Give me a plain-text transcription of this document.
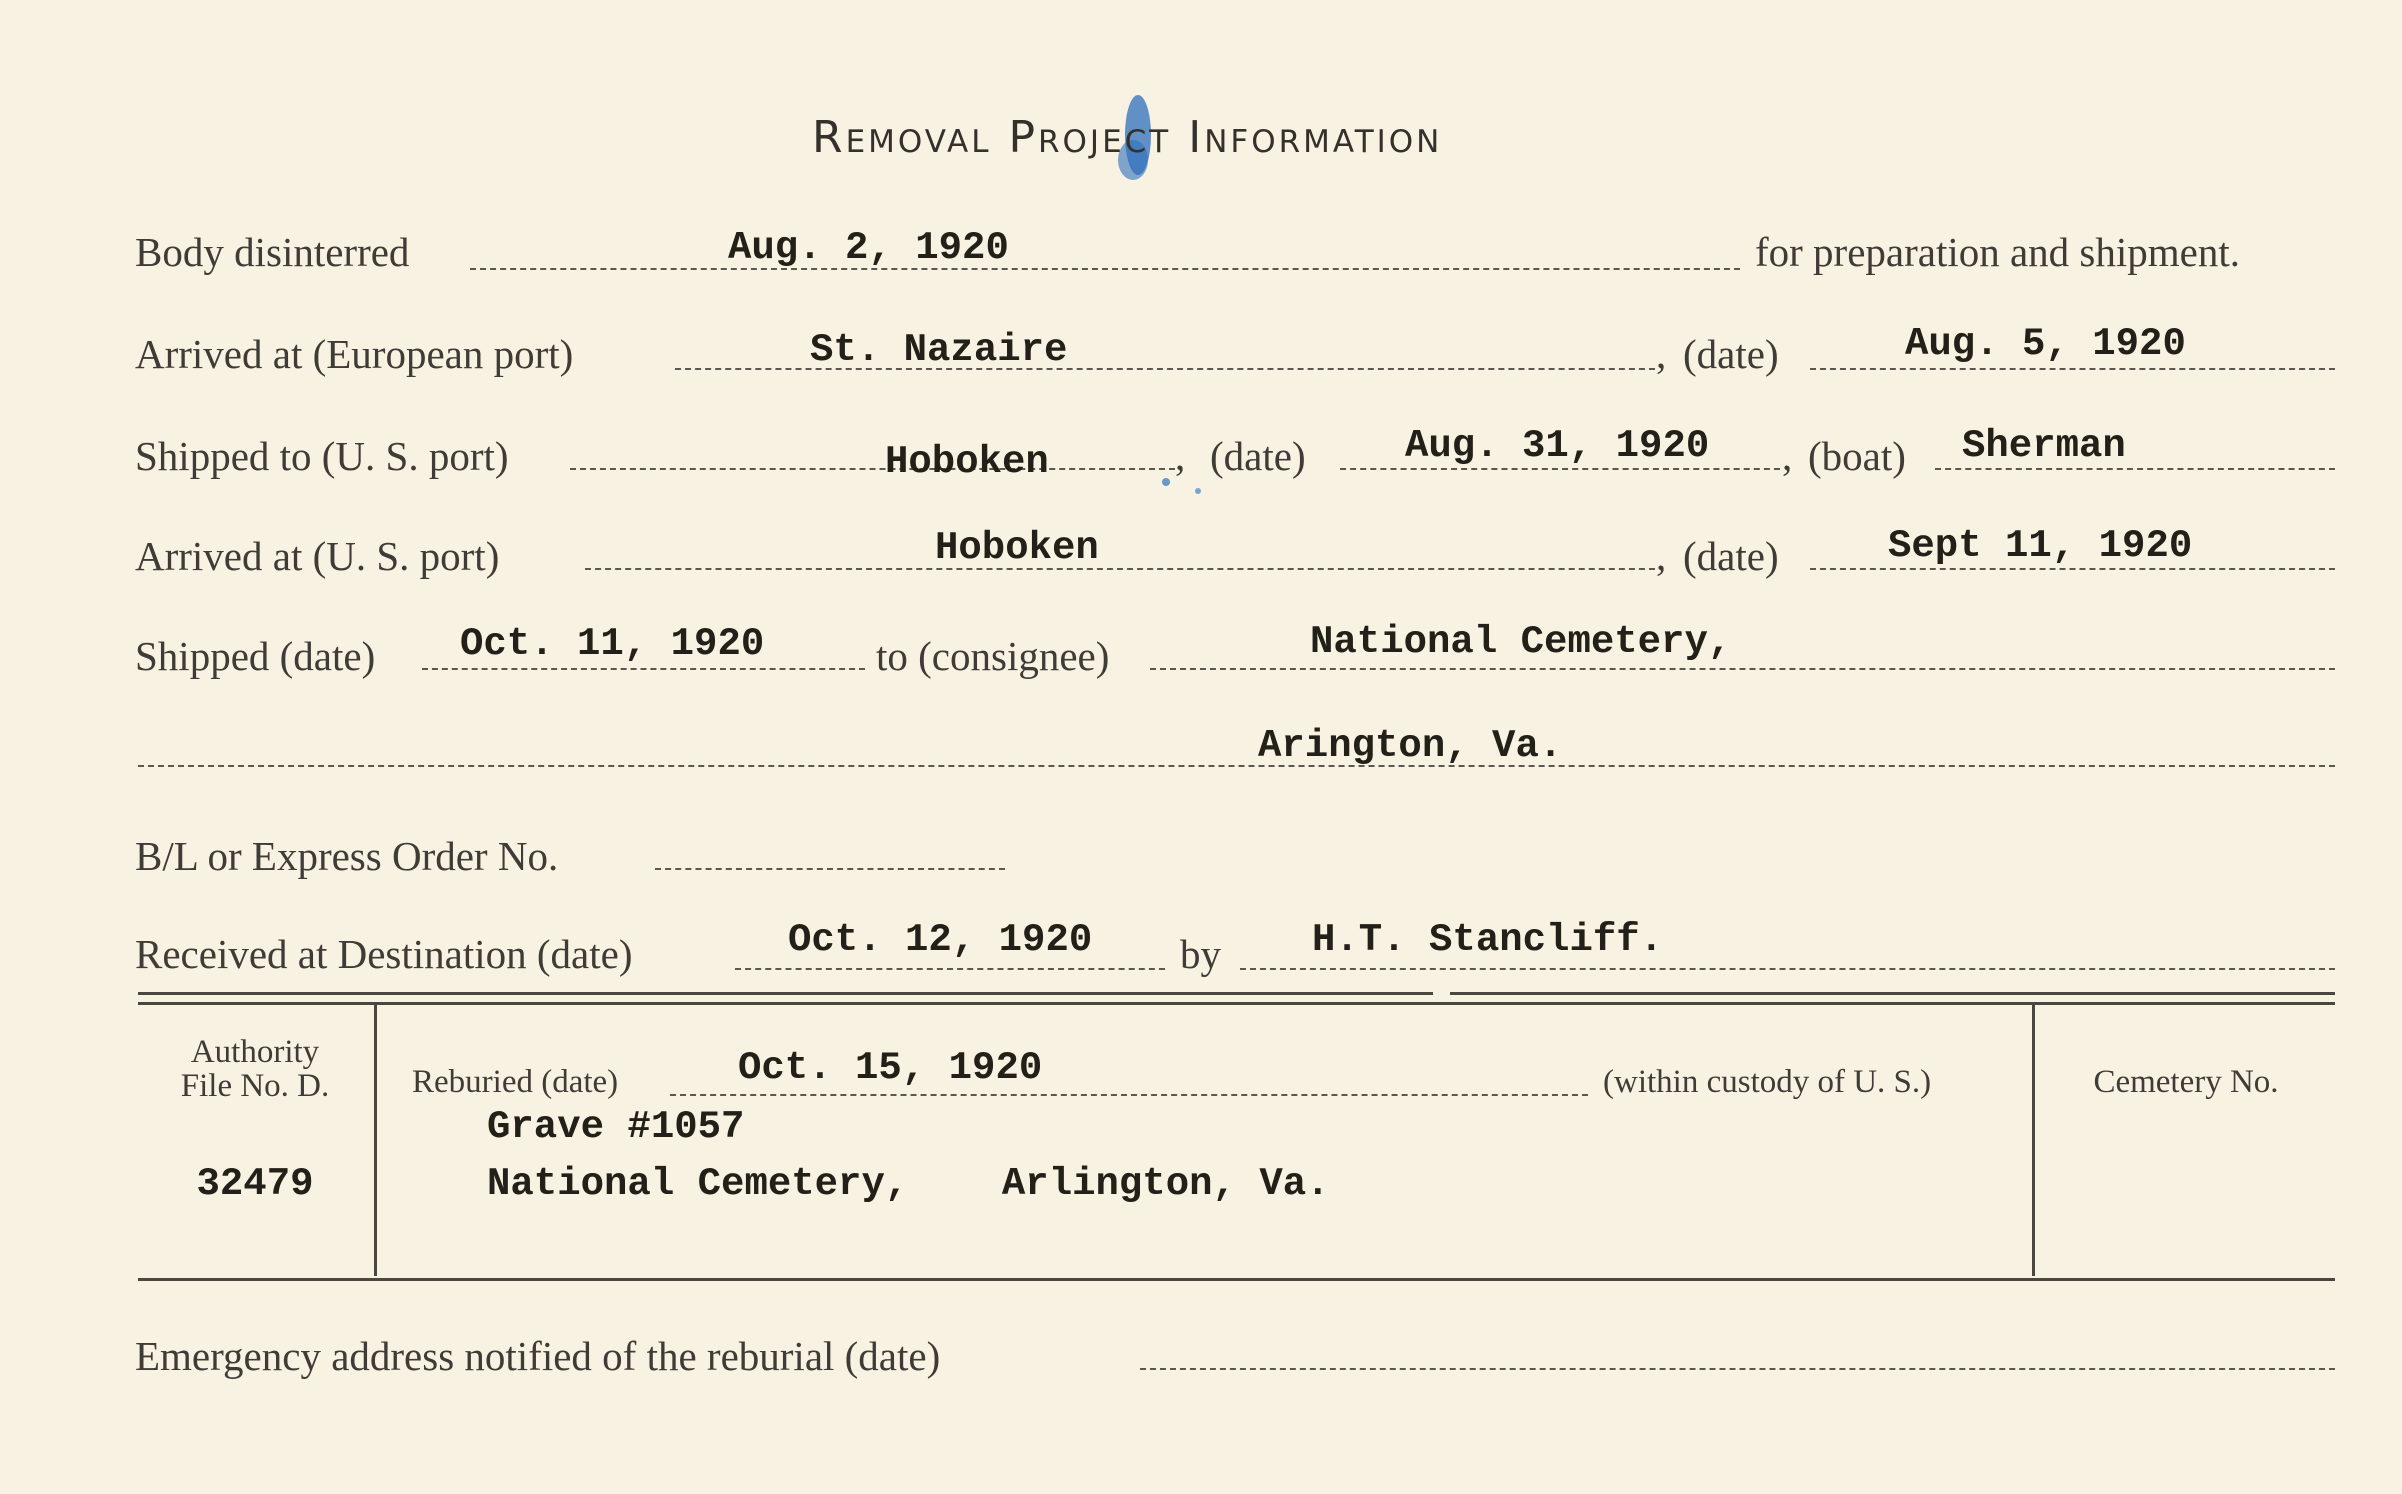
Removal Project Information
Body disinterred	Aug. 2, 1920	for preparation and shipment.
Arrived at (European port)	St. Nazaire	, (date)	Aug. 5, 1920
Shipped to (U. S. port)	Hoboken	, (date)	Aug. 31, 1920 , (boat) Sherman
Arrived at (U. S. port)	Hoboken	, (date)	Sept 11, 1920
Shipped (date) Oct. 11, 1920	to (consignee)	National Cemetery,
Arington, Va.
B/L or Express Order No.
Received at Destination (date)	Oct. 12, 1920 by H.T. Stancliff.
Authority
File No. D.
32479
Reburied (date)	Oct. 15, 1920	(within custody of U. S.)
Grave #1057
National Cemetery,    Arlington, Va.
Cemetery No.
Emergency address notified of the reburial (date)
